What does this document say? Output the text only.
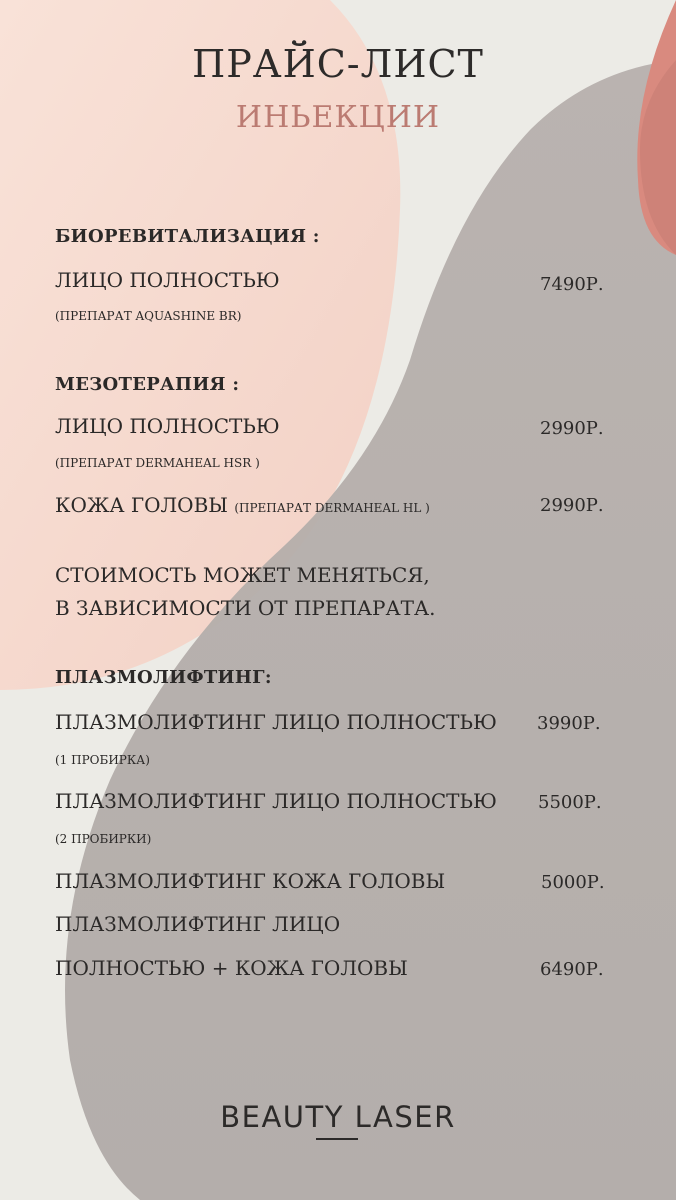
ПРАЙС-ЛИСТ
ИНЬЕКЦИИ
БИОРЕВИТАЛИЗАЦИЯ :
ЛИЦО ПОЛНОСТЬЮ	7490Р.
(ПРЕПАРАТ AQUASHINE BR)
МЕЗОТЕРАПИЯ :
ЛИЦО ПОЛНОСТЬЮ	2990Р.
(ПРЕПАРАТ DERMAHEAL HSR )
КОЖА ГОЛОВЫ (ПРЕПАРАТ DERMAHEAL HL )	2990Р.
СТОИМОСТЬ МОЖЕТ МЕНЯТЬСЯ,
В ЗАВИСИМОСТИ ОТ ПРЕПАРАТА.
ПЛАЗМОЛИФТИНГ:
ПЛАЗМОЛИФТИНГ ЛИЦО ПОЛНОСТЬЮ 3990Р.
(1 ПРОБИРКА)
ПЛАЗМОЛИФТИНГ ЛИЦО ПОЛНОСТЬЮ 5500Р.
(2 ПРОБИРКИ)
ПЛАЗМОЛИФТИНГ КОЖА ГОЛОВЫ	5000Р.
ПЛАЗМОЛИФТИНГ ЛИЦО
ПОЛНОСТЬЮ + КОЖА ГОЛОВЫ	6490Р.
BEAUTY LASER
